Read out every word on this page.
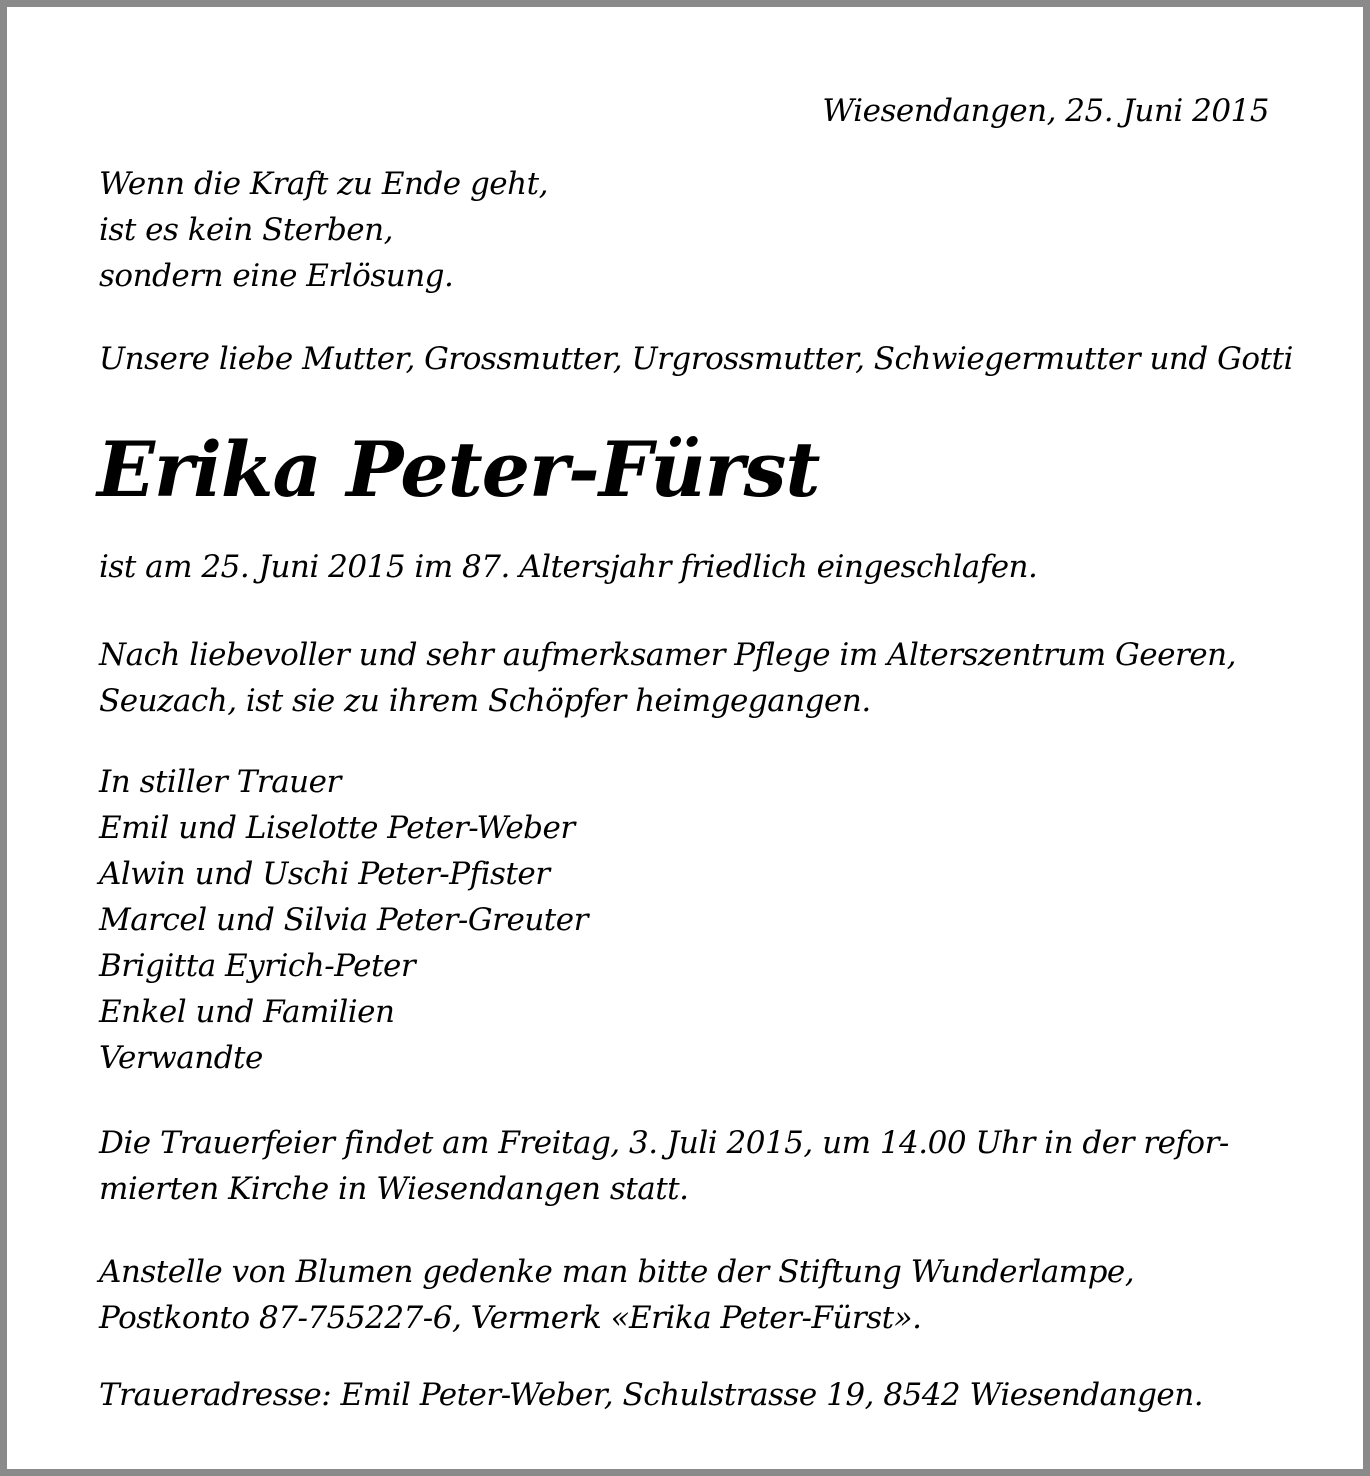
Wiesendangen, 25. Juni 2015

Wenn die Kraft zu Ende geht,
ist es kein Sterben,
sondern eine Erlösung.

Unsere liebe Mutter, Grossmutter, Urgrossmutter, Schwiegermutter und Gotti

Erika Peter-Fürst

ist am 25. Juni 2015 im 87. Altersjahr friedlich eingeschlafen.

Nach liebevoller und sehr aufmerksamer Pflege im Alterszentrum Geeren,
Seuzach, ist sie zu ihrem Schöpfer heimgegangen.

In stiller Trauer
Emil und Liselotte Peter-Weber
Alwin und Uschi Peter-Pfister
Marcel und Silvia Peter-Greuter
Brigitta Eyrich-Peter
Enkel und Familien
Verwandte

Die Trauerfeier findet am Freitag, 3. Juli 2015, um 14.00 Uhr in der refor-
mierten Kirche in Wiesendangen statt.

Anstelle von Blumen gedenke man bitte der Stiftung Wunderlampe,
Postkonto 87-755227-6, Vermerk «Erika Peter-Fürst».

Traueradresse: Emil Peter-Weber, Schulstrasse 19, 8542 Wiesendangen.
